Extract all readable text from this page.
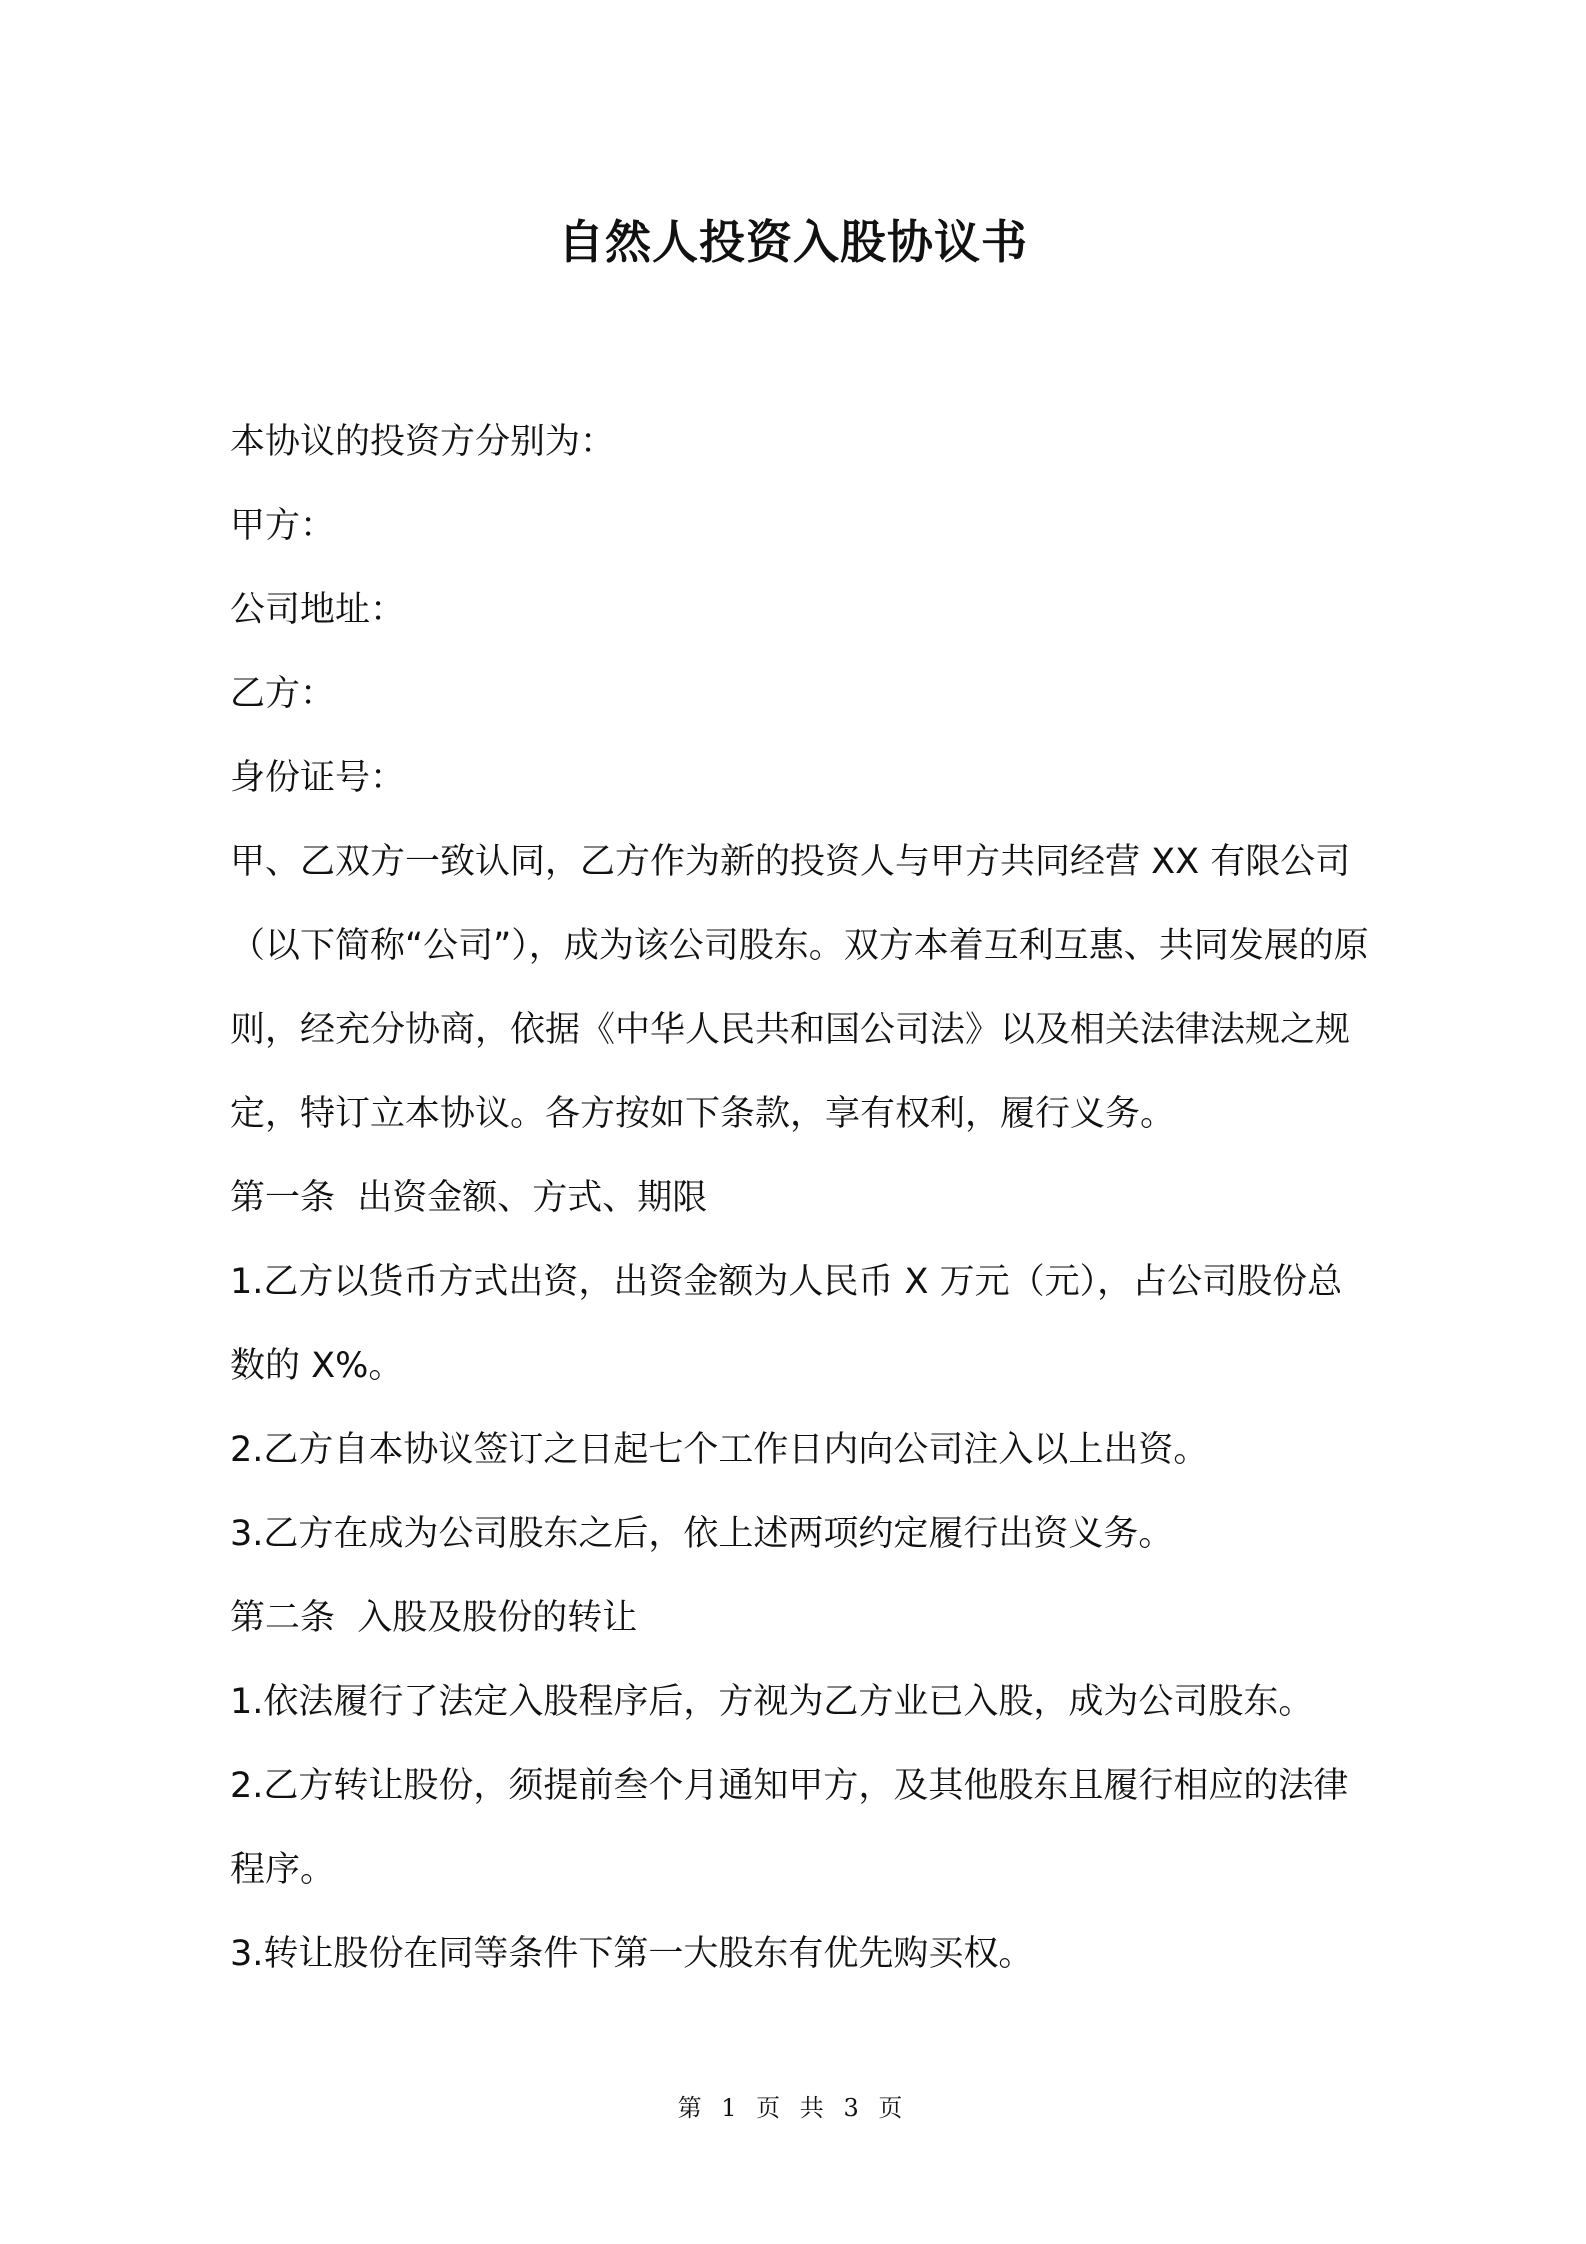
自然人投资入股协议书

本协议的投资方分别为：

甲方：

公司地址：

乙方：

身份证号：

甲、乙双方一致认同，乙方作为新的投资人与甲方共同经营 XX 有限公司（以下简称“公司”），成为该公司股东。双方本着互利互惠、共同发展的原则，经充分协商，依据《中华人民共和国公司法》以及相关法律法规之规定，特订立本协议。各方按如下条款，享有权利，履行义务。

第一条  出资金额、方式、期限

1.乙方以货币方式出资，出资金额为人民币 X 万元（元），占公司股份总数的 X%。

2.乙方自本协议签订之日起七个工作日内向公司注入以上出资。

3.乙方在成为公司股东之后，依上述两项约定履行出资义务。

第二条  入股及股份的转让

1.依法履行了法定入股程序后，方视为乙方业已入股，成为公司股东。

2.乙方转让股份，须提前叁个月通知甲方，及其他股东且履行相应的法律程序。

3.转让股份在同等条件下第一大股东有优先购买权。

第 1 页 共 3 页
